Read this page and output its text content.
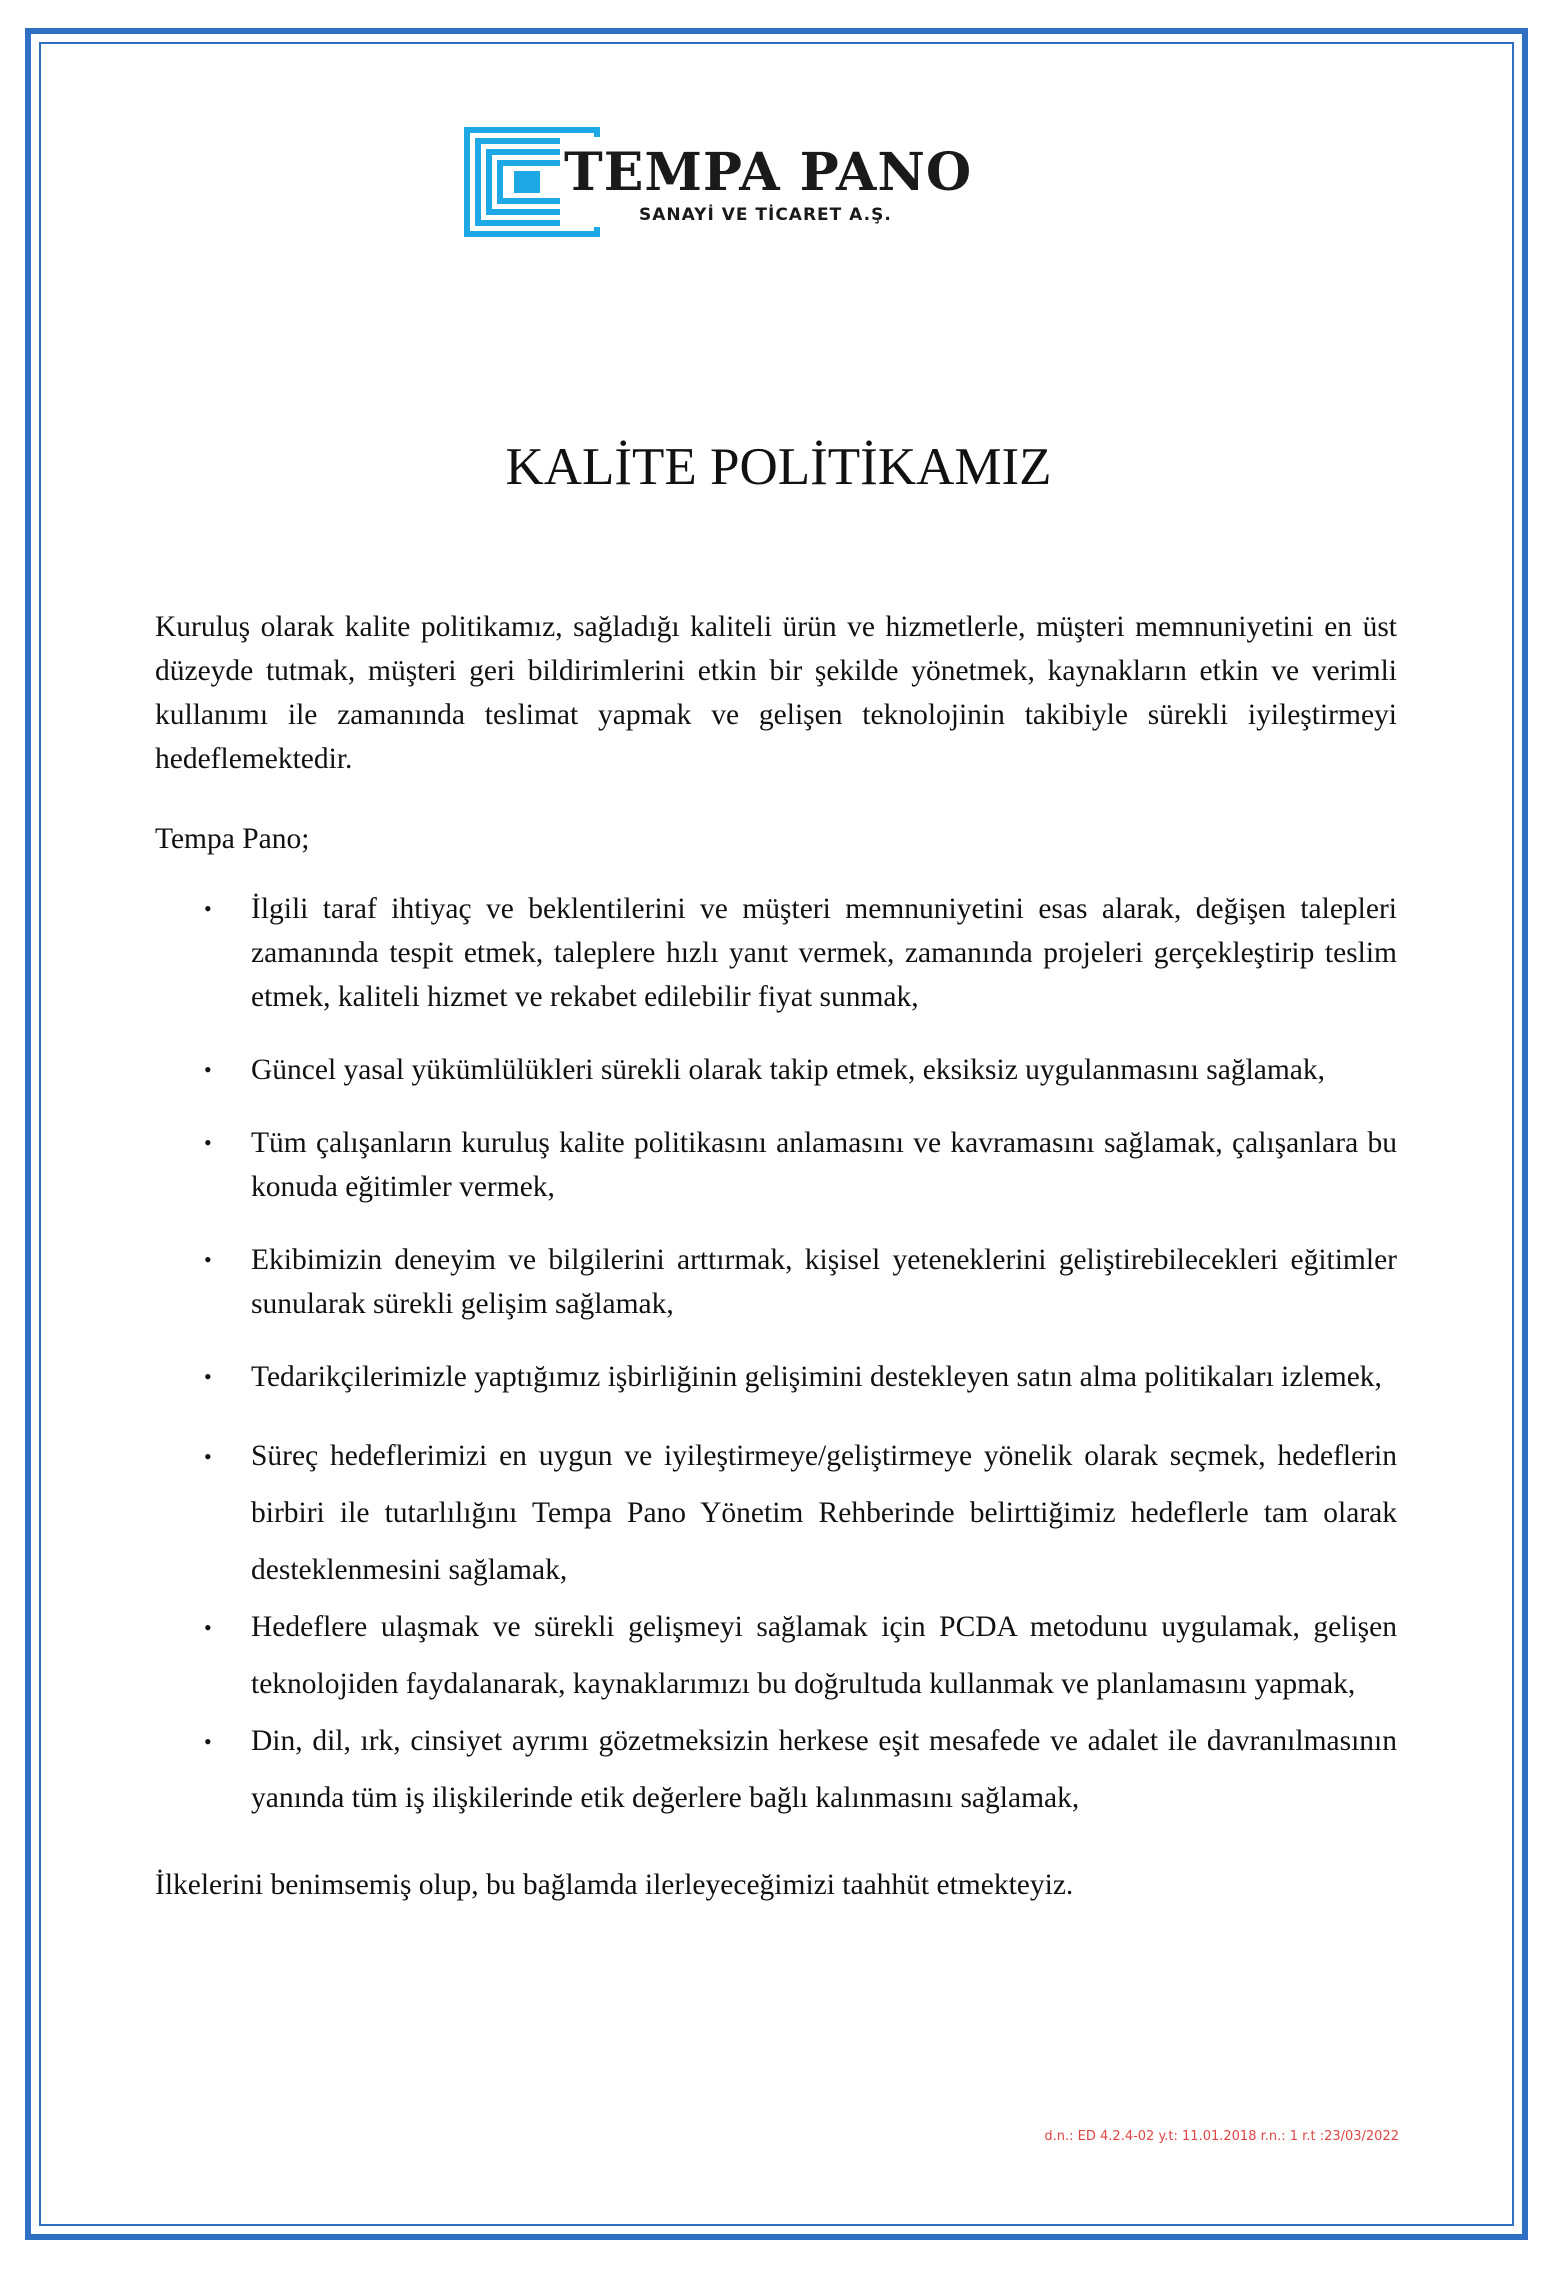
TEMPA PANO
SANAYİ VE TİCARET A.Ş.
KALİTE POLİTİKAMIZ

Kuruluş olarak kalite politikamız, sağladığı kaliteli ürün ve hizmetlerle, müşteri memnuniyetini en üst düzeyde tutmak, müşteri geri bildirimlerini etkin bir şekilde yönetmek, kaynakların etkin ve verimli kullanımı ile zamanında teslimat yapmak ve gelişen teknolojinin takibiyle sürekli iyileştirmeyi hedeflemektedir.

Tempa Pano;

• İlgili taraf ihtiyaç ve beklentilerini ve müşteri memnuniyetini esas alarak, değişen talepleri zamanında tespit etmek, taleplere hızlı yanıt vermek, zamanında projeleri gerçekleştirip teslim etmek, kaliteli hizmet ve rekabet edilebilir fiyat sunmak,
• Güncel yasal yükümlülükleri sürekli olarak takip etmek, eksiksiz uygulanmasını sağlamak,
• Tüm çalışanların kuruluş kalite politikasını anlamasını ve kavramasını sağlamak, çalışanlara bu konuda eğitimler vermek,
• Ekibimizin deneyim ve bilgilerini arttırmak, kişisel yeteneklerini geliştirebilecekleri eğitimler sunularak sürekli gelişim sağlamak,
• Tedarikçilerimizle yaptığımız işbirliğinin gelişimini destekleyen satın alma politikaları izlemek,
• Süreç hedeflerimizi en uygun ve iyileştirmeye/geliştirmeye yönelik olarak seçmek, hedeflerin birbiri ile tutarlılığını Tempa Pano Yönetim Rehberinde belirttiğimiz hedeflerle tam olarak desteklenmesini sağlamak,
• Hedeflere ulaşmak ve sürekli gelişmeyi sağlamak için PCDA metodunu uygulamak, gelişen teknolojiden faydalanarak, kaynaklarımızı bu doğrultuda kullanmak ve planlamasını yapmak,
• Din, dil, ırk, cinsiyet ayrımı gözetmeksizin herkese eşit mesafede ve adalet ile davranılmasının yanında tüm iş ilişkilerinde etik değerlere bağlı kalınmasını sağlamak,

İlkelerini benimsemiş olup, bu bağlamda ilerleyeceğimizi taahhüt etmekteyiz.

d.n.: ED 4.2.4-02 y.t: 11.01.2018 r.n.: 1 r.t :23/03/2022
